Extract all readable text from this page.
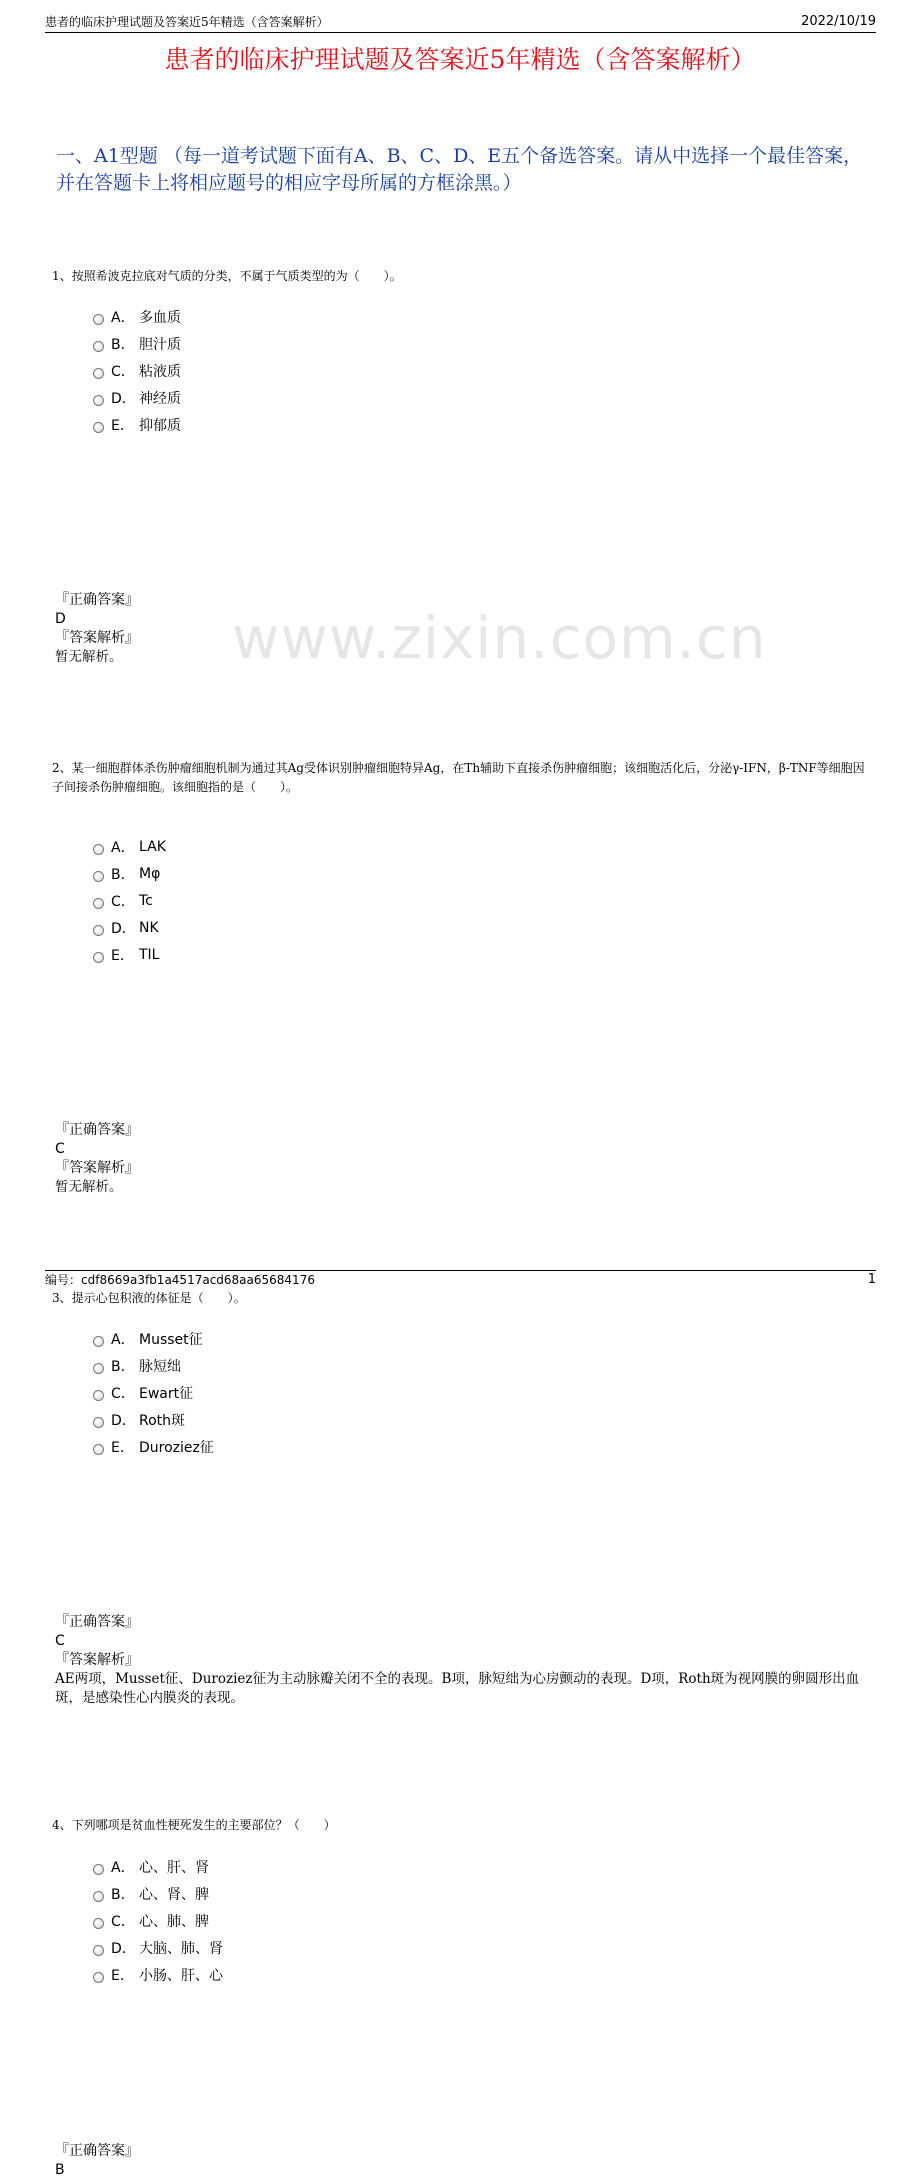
患者的临床护理试题及答案近5年精选（含答案解析）	2022/10/19
患者的临床护理试题及答案近5年精选（含答案解析）
一、A1型题 （每一道考试题下面有A、B、C、D、E五个备选答案。请从中选择一个最佳答案，并在答题卡上将相应题号的相应字母所属的方框涂黑。）
www.zixin.com.cn
1、按照希波克拉底对气质的分类，不属于气质类型的为（　　）。
A． 多血质
B． 胆汁质
C． 粘液质
D． 神经质
E． 抑郁质
『正确答案』
D
『答案解析』
暂无解析。
2、某一细胞群体杀伤肿瘤细胞机制为通过其Ag受体识别肿瘤细胞特异Ag，在Th辅助下直接杀伤肿瘤细胞；该细胞活化后，分泌γ-IFN，β-TNF等细胞因子间接杀伤肿瘤细胞。该细胞指的是（　　）。
A． LAK
B． Mφ
C． Tc
D． NK
E． TIL
『正确答案』
C
『答案解析』
暂无解析。
3、提示心包积液的体征是（　　）。
A． Musset征
B． 脉短绌
C． Ewart征
D． Roth斑
E． Duroziez征
『正确答案』
C
『答案解析』
AE两项，Musset征、Duroziez征为主动脉瓣关闭不全的表现。B项，脉短绌为心房颤动的表现。D项，Roth斑为视网膜的卵圆形出血斑，是感染性心内膜炎的表现。
4、下列哪项是贫血性梗死发生的主要部位？（　　）
A． 心、肝、肾
B． 心、肾、脾
C． 心、肺、脾
D． 大脑、肺、肾
E． 小肠、肝、心
『正确答案』
B
编号：cdf8669a3fb1a4517acd68aa65684176	1
